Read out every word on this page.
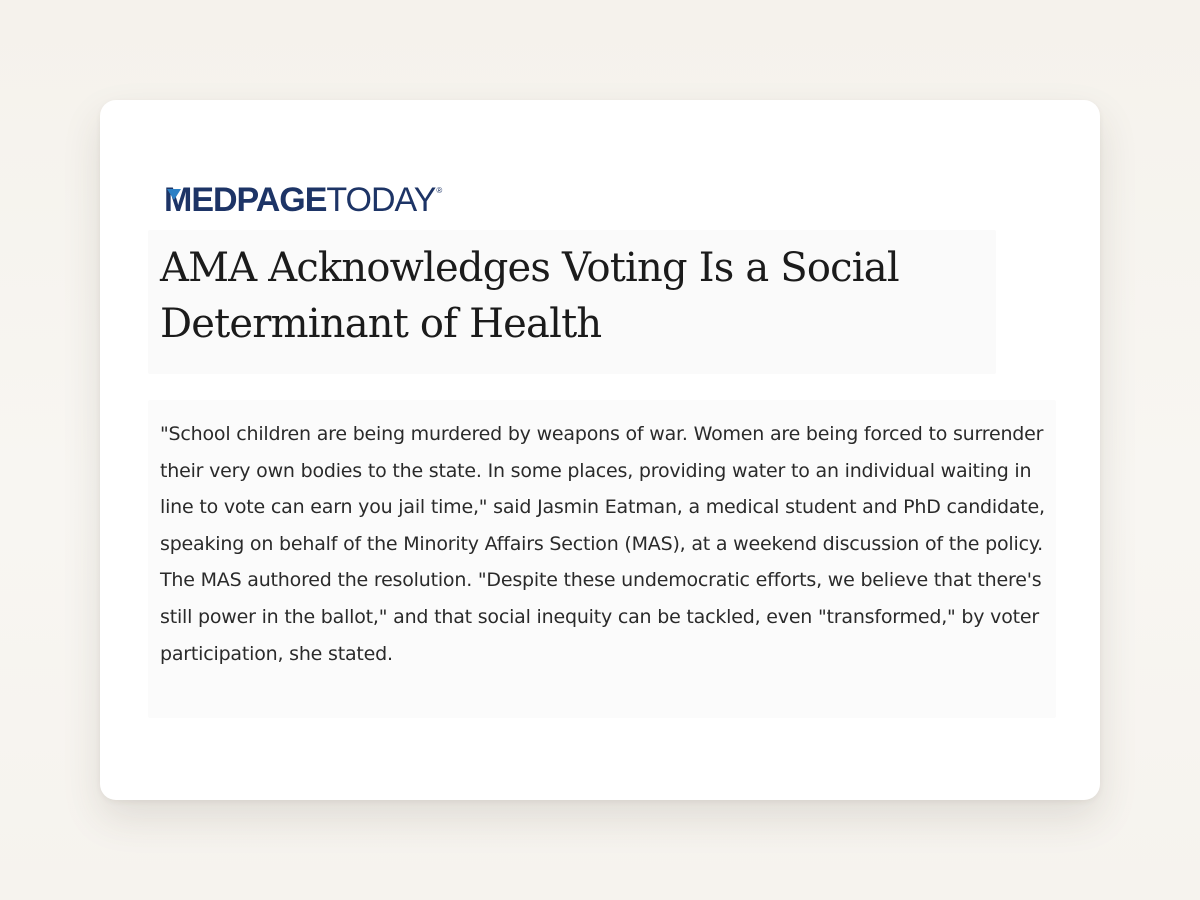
M EDPAGE TODAY ®
AMA Acknowledges Voting Is a Social Determinant of Health

"School children are being murdered by weapons of war. Women are being forced to surrender their very own bodies to the state. In some places, providing water to an individual waiting in line to vote can earn you jail time," said Jasmin Eatman, a medical student and PhD candidate, speaking on behalf of the Minority Affairs Section (MAS), at a weekend discussion of the policy. The MAS authored the resolution. "Despite these undemocratic efforts, we believe that there's still power in the ballot," and that social inequity can be tackled, even "transformed," by voter participation, she stated.
